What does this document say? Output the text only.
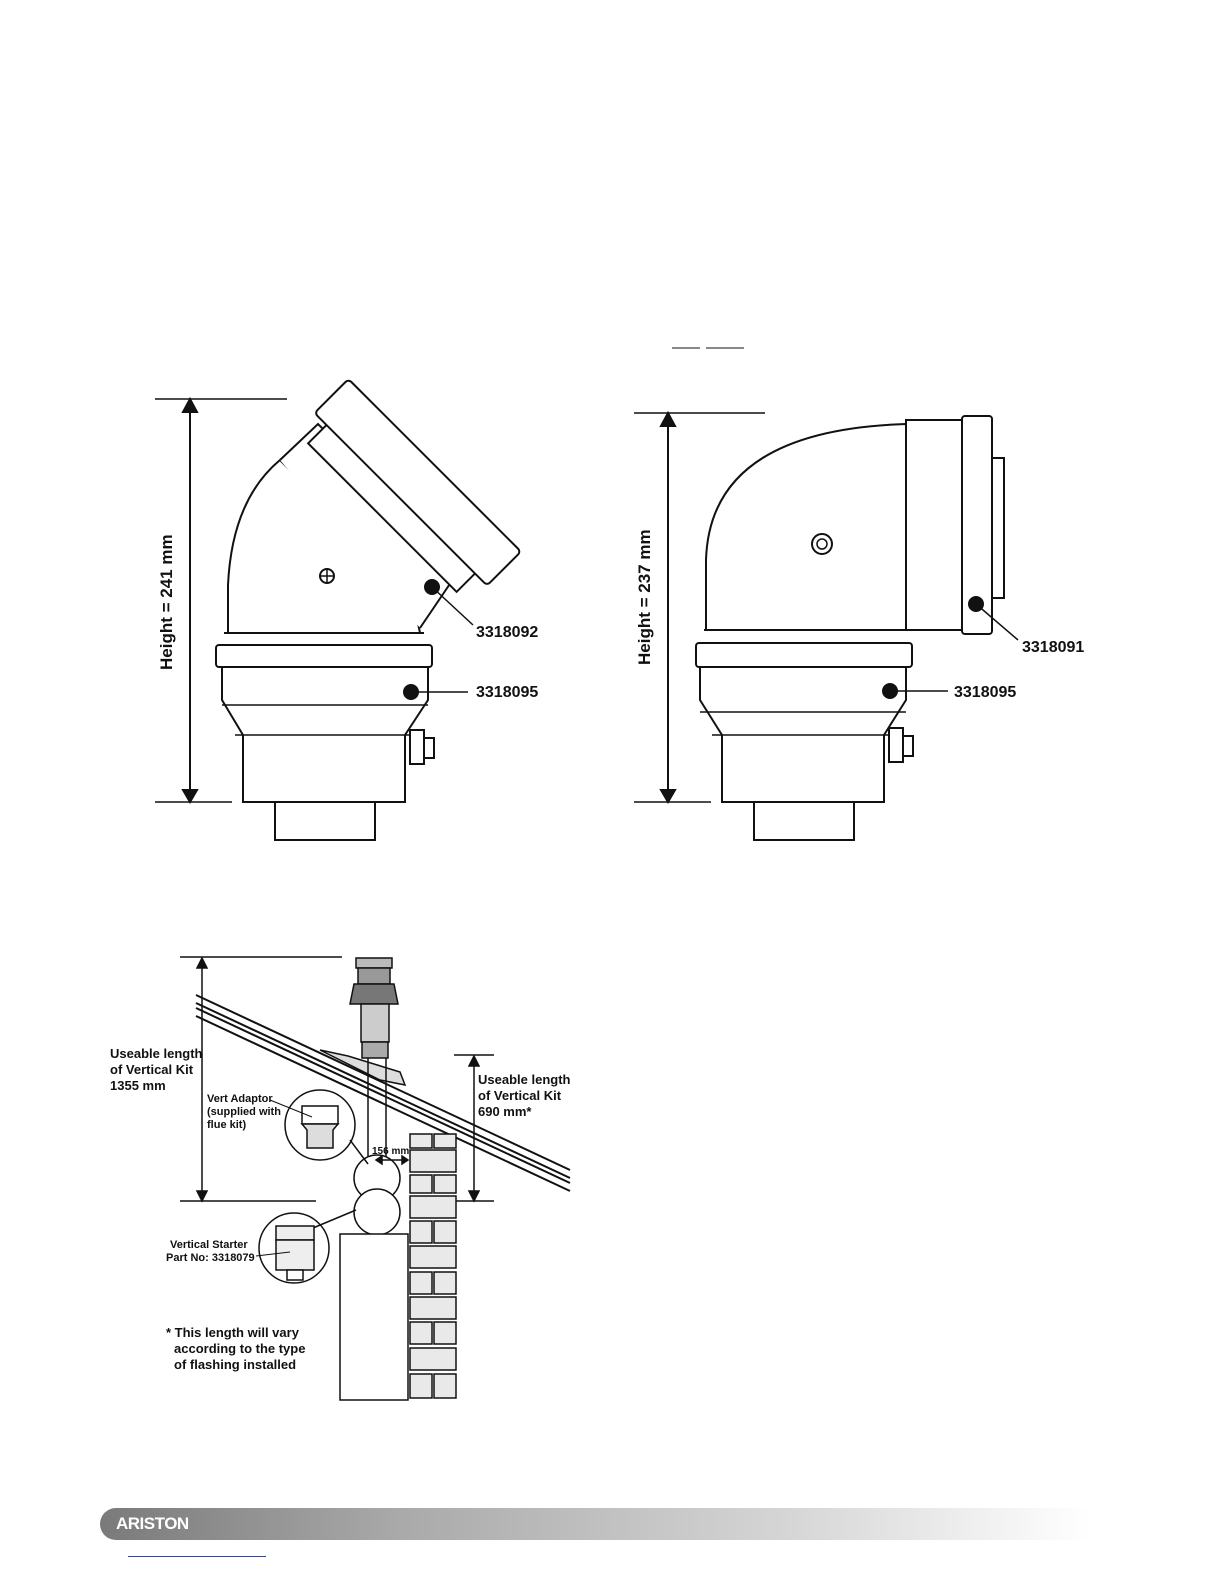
Height = 241 mm	3318092
3318095
Height = 237 mm	3318091
3318095
Useable length
of Vertical Kit
1355 mm	Useable length
of Vertical Kit
690 mm*
Vert Adaptor
(supplied with
flue kit)
156 mm
Vertical Starter
Part No: 3318079
* This length will vary
according to the type
of flashing installed
ARISTON
